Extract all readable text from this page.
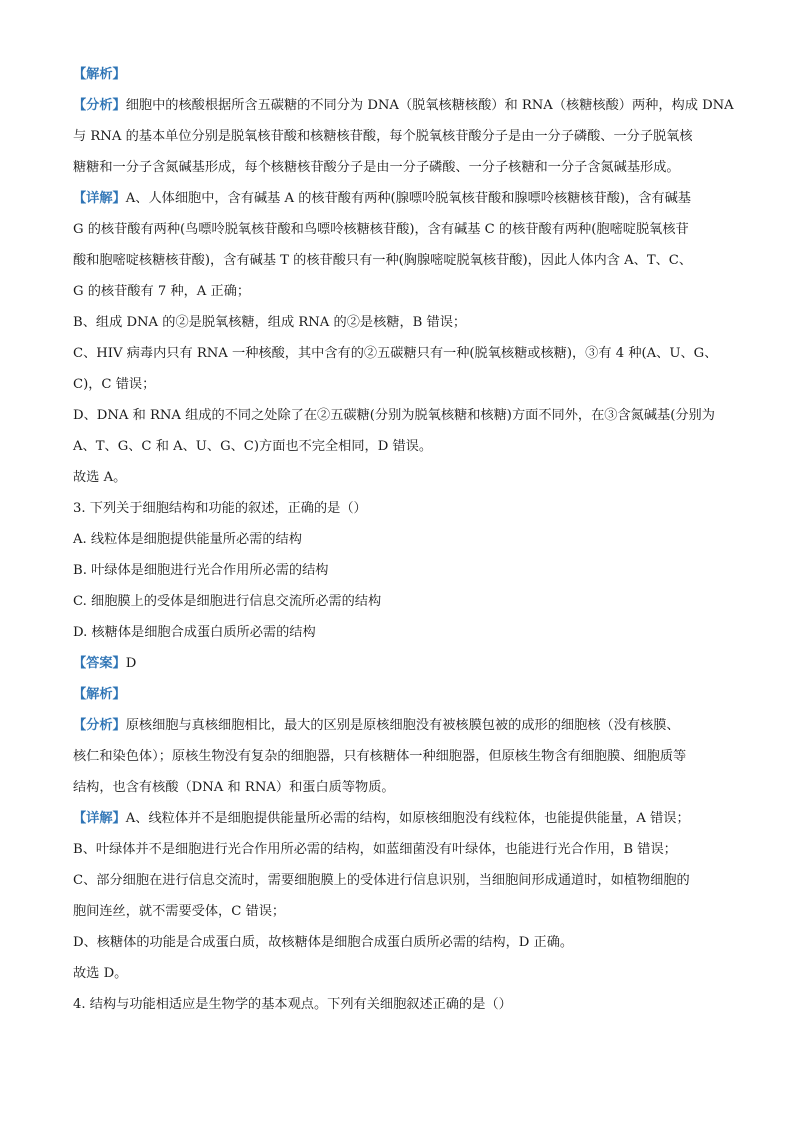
【解析】
【分析】细胞中的核酸根据所含五碳糖的不同分为 DNA（脱氧核糖核酸）和 RNA（核糖核酸）两种，构成 DNA
与 RNA 的基本单位分别是脱氧核苷酸和核糖核苷酸，每个脱氧核苷酸分子是由一分子磷酸、一分子脱氧核
糖糖和一分子含氮碱基形成，每个核糖核苷酸分子是由一分子磷酸、一分子核糖和一分子含氮碱基形成。
【详解】A、人体细胞中，含有碱基 A 的核苷酸有两种(腺嘌呤脱氧核苷酸和腺嘌呤核糖核苷酸)，含有碱基
G 的核苷酸有两种(鸟嘌呤脱氧核苷酸和鸟嘌呤核糖核苷酸)，含有碱基 C 的核苷酸有两种(胞嘧啶脱氧核苷
酸和胞嘧啶核糖核苷酸)，含有碱基 T 的核苷酸只有一种(胸腺嘧啶脱氧核苷酸)，因此人体内含 A、T、C、
G 的核苷酸有 7 种，A 正确；
B、组成 DNA 的②是脱氧核糖，组成 RNA 的②是核糖，B 错误；
C、HIV 病毒内只有 RNA 一种核酸，其中含有的②五碳糖只有一种(脱氧核糖或核糖)，③有 4 种(A、U、G、
C)，C 错误；
D、DNA 和 RNA 组成的不同之处除了在②五碳糖(分别为脱氧核糖和核糖)方面不同外，在③含氮碱基(分别为
A、T、G、C 和 A、U、G、C)方面也不完全相同，D 错误。
故选 A。
3. 下列关于细胞结构和功能的叙述，正确的是（）
A. 线粒体是细胞提供能量所必需的结构
B. 叶绿体是细胞进行光合作用所必需的结构
C. 细胞膜上的受体是细胞进行信息交流所必需的结构
D. 核糖体是细胞合成蛋白质所必需的结构
【答案】D
【解析】
【分析】原核细胞与真核细胞相比，最大的区别是原核细胞没有被核膜包被的成形的细胞核（没有核膜、
核仁和染色体）；原核生物没有复杂的细胞器，只有核糖体一种细胞器，但原核生物含有细胞膜、细胞质等
结构，也含有核酸（DNA 和 RNA）和蛋白质等物质。
【详解】A、线粒体并不是细胞提供能量所必需的结构，如原核细胞没有线粒体，也能提供能量，A 错误；
B、叶绿体并不是细胞进行光合作用所必需的结构，如蓝细菌没有叶绿体，也能进行光合作用，B 错误；
C、部分细胞在进行信息交流时，需要细胞膜上的受体进行信息识别，当细胞间形成通道时，如植物细胞的
胞间连丝，就不需要受体，C 错误；
D、核糖体的功能是合成蛋白质，故核糖体是细胞合成蛋白质所必需的结构，D 正确。
故选 D。
4. 结构与功能相适应是生物学的基本观点。下列有关细胞叙述正确的是（）
